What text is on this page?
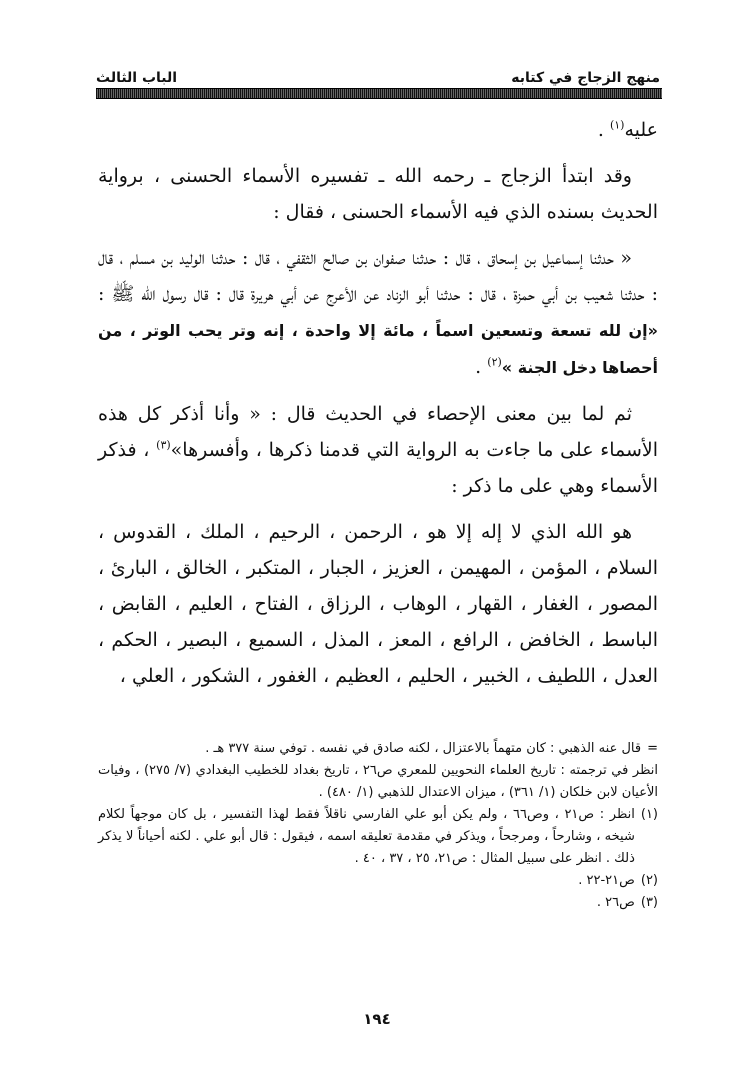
منهج الزجاج في كتابه
الباب الثالث

عليه$^{(١)}$ .

وقد ابتدأ الزجاج ـ رحمه الله ـ تفسيره الأسماء الحسنى ، برواية الحديث بسنده الذي فيه الأسماء الحسنى ، فقال :

« حدثنا إسماعيل بن إسحاق ، قال : حدثنا صفوان بن صالح الثقفي ، قال : حدثنا الوليد بن مسلم ، قال : حدثنا شعيب بن أبي حمزة ، قال : حدثنا أبو الزناد عن الأعرج عن أبي هريرة قال : قال رسول الله ﷺ : «إن لله تسعة وتسعين اسماً ، مائة إلا واحدة ، إنه وتر يحب الوتر ، من أحصاها دخل الجنة »$^{(٢)}$ .

ثم لما بين معنى الإحصاء في الحديث قال : « وأنا أذكر كل هذه الأسماء على ما جاءت به الرواية التي قدمنا ذكرها ، وأفسرها»$^{(٣)}$ ، فذكر الأسماء وهي على ما ذكر :

هو الله الذي لا إله إلا هو ، الرحمن ، الرحيم ، الملك ، القدوس ، السلام ، المؤمن ، المهيمن ، العزيز ، الجبار ، المتكبر ، الخالق ، البارئ ، المصور ، الغفار ، القهار ، الوهاب ، الرزاق ، الفتاح ، العليم ، القابض ، الباسط ، الخافض ، الرافع ، المعز ، المذل ، السميع ، البصير ، الحكم ، العدل ، اللطيف ، الخبير ، الحليم ، العظيم ، الغفور ، الشكور ، العلي ،

=
قال عنه الذهبي : كان متهماً بالاعتزال ، لكنه صادق في نفسه . توفي سنة ٣٧٧ هـ .

انظر في ترجمته : تاريخ العلماء النحويين للمعري ص٢٦ ، تاريخ بغداد للخطيب البغدادي (٧/ ٢٧٥) ، وفيات الأعيان لابن خلكان (١/ ٣٦١) ، ميزان الاعتدال للذهبي (١/ ٤٨٠) .

(١)
انظر : ص٢١ ، وص٦٦ ، ولم يكن أبو علي الفارسي ناقلاً فقط لهذا التفسير ، بل كان موجهاً لكلام شيخه ، وشارحاً ، ومرجحاً ، ويذكر في مقدمة تعليقه اسمه ، فيقول : قال أبو علي . لكنه أحياناً لا يذكر ذلك . انظر على سبيل المثال : ص٢١، ٢٥ ، ٣٧ ، ٤٠ .
(٢)
ص٢١-٢٢ .
(٣)
ص٢٦ .
١٩٤
